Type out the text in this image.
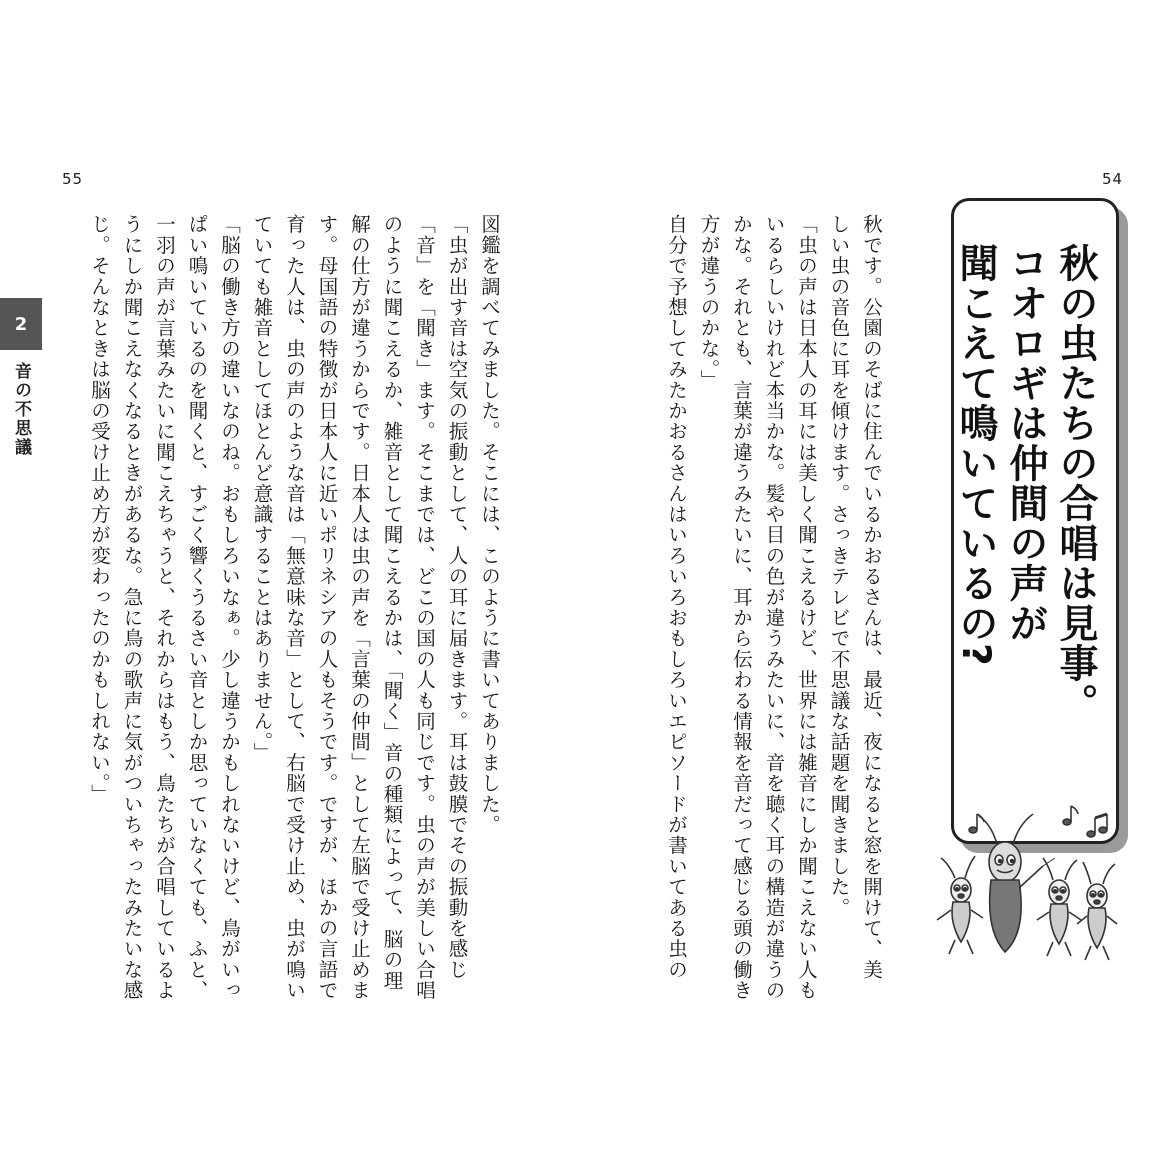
55
2
音の不思議	図鑑を調べてみました。そこには、このように書いてありました。
「虫が出す音は空気の振動として、人の耳に届きます。耳は鼓膜でその振動を感じ
「音」を「聞き」ます。そこまでは、どこの国の人も同じです。虫の声が美しい合唱
のように聞こえるか、雑音として聞こえるかは、「聞く」音の種類によって、脳の理
解の仕方が違うからです。日本人は虫の声を「言葉の仲間」として左脳で受け止めま
す。母国語の特徴が日本人に近いポリネシアの人もそうです。ですが、ほかの言語で
育った人は、虫の声のような音は「無意味な音」として、右脳で受け止め、虫が鳴い
ていても雑音としてほとんど意識することはありません。」
「脳の働き方の違いなのね。おもしろいなぁ。少し違うかもしれないけど、鳥がいっ
ぱい鳴いているのを聞くと、すごく響くうるさい音としか思っていなくても、ふと、
一羽の声が言葉みたいに聞こえちゃうと、それからはもう、鳥たちが合唱しているよ
うにしか聞こえなくなるときがあるな。急に鳥の歌声に気がついちゃったみたいな感
じ。そんなときは脳の受け止め方が変わったのかもしれない。」
54
秋の虫たちの合唱は見事。
コオロギは仲間の声が
聞こえて鳴いているの?
秋です。公園のそばに住んでいるかおるさんは、最近、夜になると窓を開けて、美
しい虫の音色に耳を傾けます。さっきテレビで不思議な話題を聞きました。
「虫の声は日本人の耳には美しく聞こえるけど、世界には雑音にしか聞こえない人も
いるらしいけれど本当かな。髪や目の色が違うみたいに、音を聴く耳の構造が違うの
かな。それとも、言葉が違うみたいに、耳から伝わる情報を音だって感じる頭の働き
方が違うのかな。」
自分で予想してみたかおるさんはいろいろおもしろいエピソードが書いてある虫の
